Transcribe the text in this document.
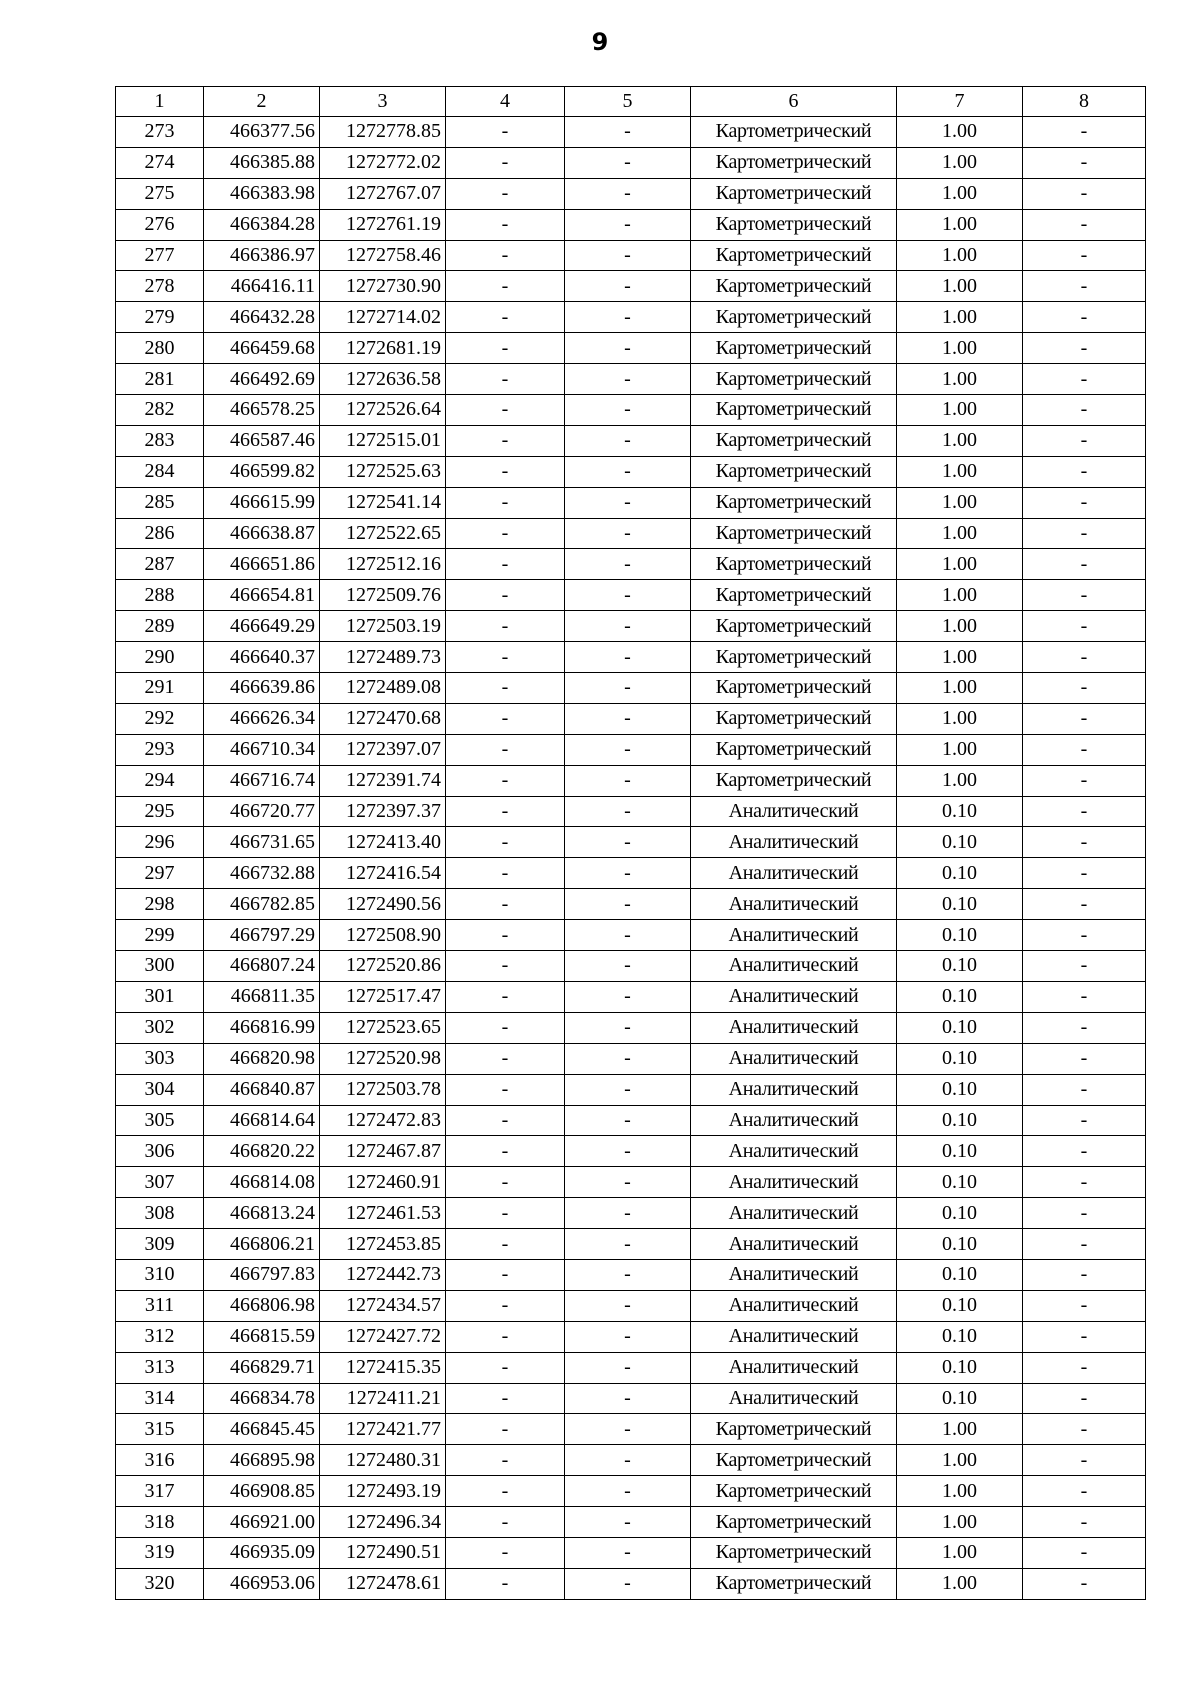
9
1	2	3	4	5	6	7	8
273	466377.56	1272778.85	-	-	Картометрический	1.00	-
274	466385.88	1272772.02	-	-	Картометрический	1.00	-
275	466383.98	1272767.07	-	-	Картометрический	1.00	-
276	466384.28	1272761.19	-	-	Картометрический	1.00	-
277	466386.97	1272758.46	-	-	Картометрический	1.00	-
278	466416.11	1272730.90	-	-	Картометрический	1.00	-
279	466432.28	1272714.02	-	-	Картометрический	1.00	-
280	466459.68	1272681.19	-	-	Картометрический	1.00	-
281	466492.69	1272636.58	-	-	Картометрический	1.00	-
282	466578.25	1272526.64	-	-	Картометрический	1.00	-
283	466587.46	1272515.01	-	-	Картометрический	1.00	-
284	466599.82	1272525.63	-	-	Картометрический	1.00	-
285	466615.99	1272541.14	-	-	Картометрический	1.00	-
286	466638.87	1272522.65	-	-	Картометрический	1.00	-
287	466651.86	1272512.16	-	-	Картометрический	1.00	-
288	466654.81	1272509.76	-	-	Картометрический	1.00	-
289	466649.29	1272503.19	-	-	Картометрический	1.00	-
290	466640.37	1272489.73	-	-	Картометрический	1.00	-
291	466639.86	1272489.08	-	-	Картометрический	1.00	-
292	466626.34	1272470.68	-	-	Картометрический	1.00	-
293	466710.34	1272397.07	-	-	Картометрический	1.00	-
294	466716.74	1272391.74	-	-	Картометрический	1.00	-
295	466720.77	1272397.37	-	-	Аналитический	0.10	-
296	466731.65	1272413.40	-	-	Аналитический	0.10	-
297	466732.88	1272416.54	-	-	Аналитический	0.10	-
298	466782.85	1272490.56	-	-	Аналитический	0.10	-
299	466797.29	1272508.90	-	-	Аналитический	0.10	-
300	466807.24	1272520.86	-	-	Аналитический	0.10	-
301	466811.35	1272517.47	-	-	Аналитический	0.10	-
302	466816.99	1272523.65	-	-	Аналитический	0.10	-
303	466820.98	1272520.98	-	-	Аналитический	0.10	-
304	466840.87	1272503.78	-	-	Аналитический	0.10	-
305	466814.64	1272472.83	-	-	Аналитический	0.10	-
306	466820.22	1272467.87	-	-	Аналитический	0.10	-
307	466814.08	1272460.91	-	-	Аналитический	0.10	-
308	466813.24	1272461.53	-	-	Аналитический	0.10	-
309	466806.21	1272453.85	-	-	Аналитический	0.10	-
310	466797.83	1272442.73	-	-	Аналитический	0.10	-
311	466806.98	1272434.57	-	-	Аналитический	0.10	-
312	466815.59	1272427.72	-	-	Аналитический	0.10	-
313	466829.71	1272415.35	-	-	Аналитический	0.10	-
314	466834.78	1272411.21	-	-	Аналитический	0.10	-
315	466845.45	1272421.77	-	-	Картометрический	1.00	-
316	466895.98	1272480.31	-	-	Картометрический	1.00	-
317	466908.85	1272493.19	-	-	Картометрический	1.00	-
318	466921.00	1272496.34	-	-	Картометрический	1.00	-
319	466935.09	1272490.51	-	-	Картометрический	1.00	-
320	466953.06	1272478.61	-	-	Картометрический	1.00	-
